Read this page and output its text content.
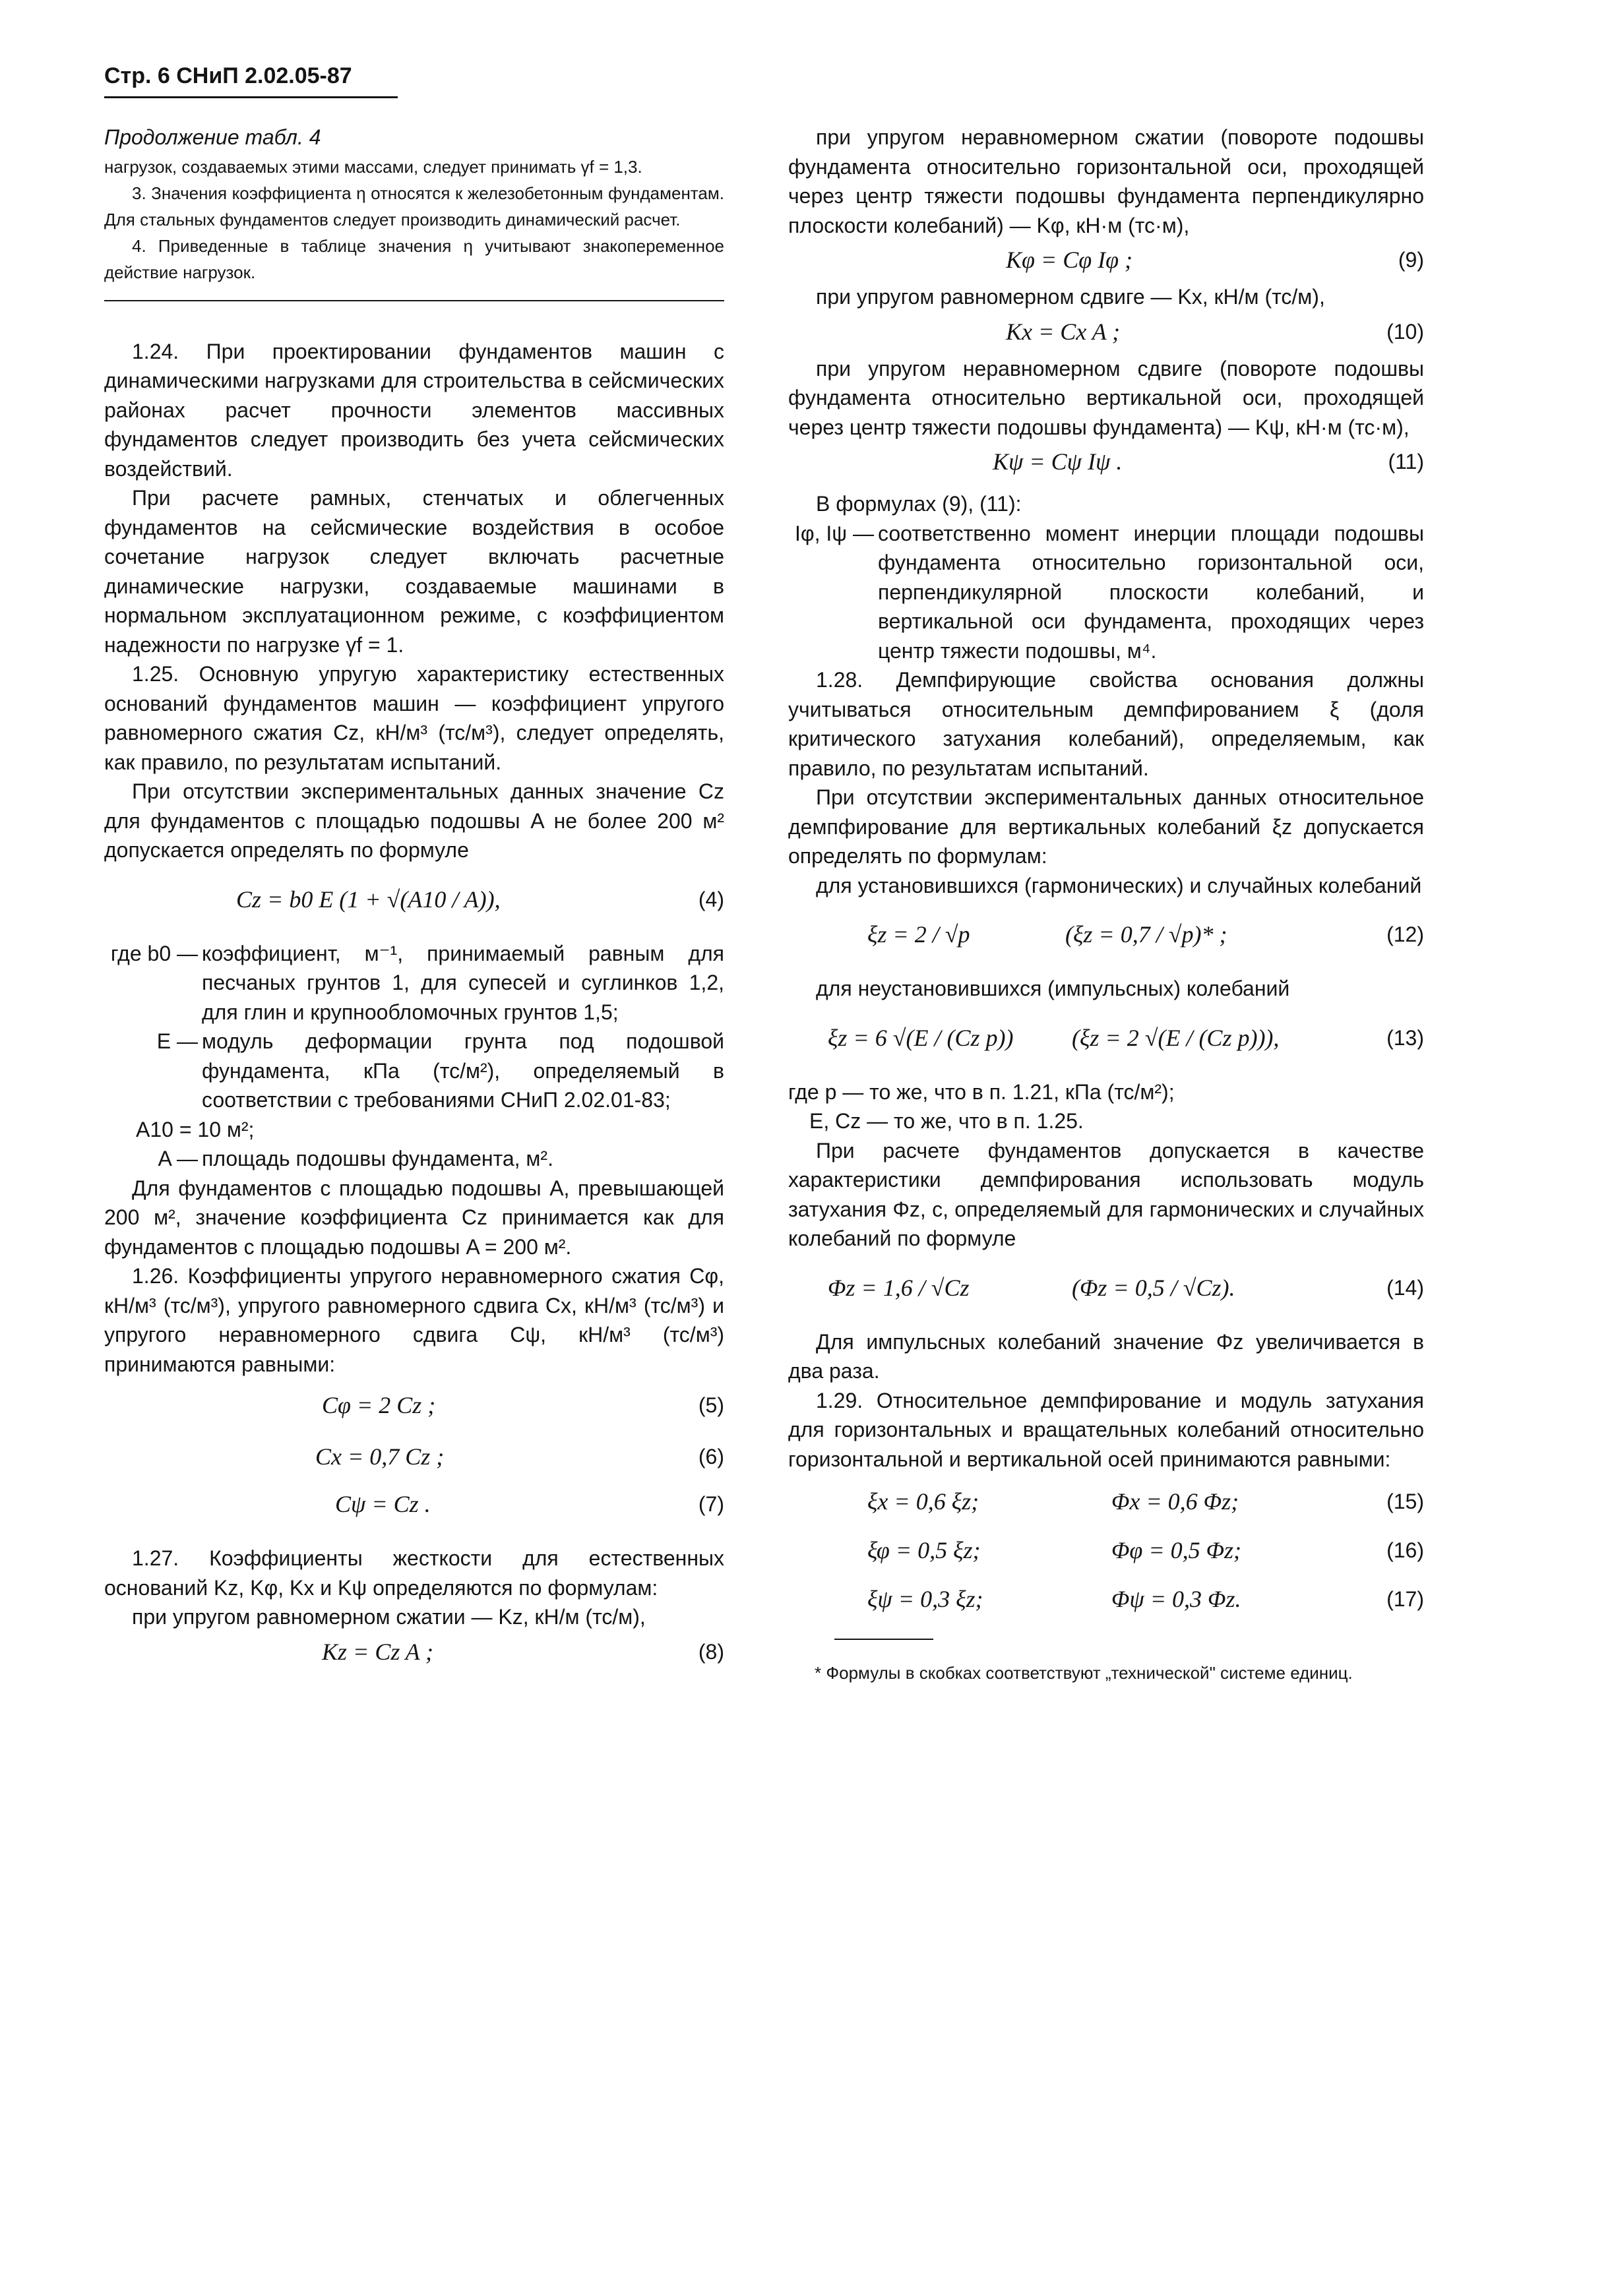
Стр. 6 СНиП 2.02.05-87

Продолжение табл. 4

нагрузок, создаваемых этими массами, следует принимать γf = 1,3.

3. Значения коэффициента η относятся к железобетонным фундаментам. Для стальных фундаментов следует производить динамический расчет.

4. Приведенные в таблице значения η учитывают знакопеременное действие нагрузок.

1.24. При проектировании фундаментов машин с динамическими нагрузками для строительства в сейсмических районах расчет прочности элементов массивных фундаментов следует производить без учета сейсмических воздействий.

При расчете рамных, стенчатых и облегченных фундаментов на сейсмические воздействия в особое сочетание нагрузок следует включать расчетные динамические нагрузки, создаваемые машинами в нормальном эксплуатационном режиме, с коэффициентом надежности по нагрузке γf = 1.

1.25. Основную упругую характеристику естественных оснований фундаментов машин — коэффициент упругого равномерного сжатия Cz, кН/м³ (тс/м³), следует определять, как правило, по результатам испытаний.

При отсутствии экспериментальных данных значение Cz для фундаментов с площадью подошвы A не более 200 м² допускается определять по формуле

Cz = b0 E (1 + √(A10 / A)),	(4)
где b0 — коэффициент, м⁻¹, принимаемый равным для песчаных грунтов 1, для супесей и суглинков 1,2, для глин и крупнообломочных грунтов 1,5;
E — модуль деформации грунта под подошвой фундамента, кПа (тс/м²), определяемый в соответствии с требованиями СНиП 2.02.01-83;

A10 = 10 м²;

A — площадь подошвы фундамента, м².

Для фундаментов с площадью подошвы A, превышающей 200 м², значение коэффициента Cz принимается как для фундаментов с площадью подошвы A = 200 м².

1.26. Коэффициенты упругого неравномерного сжатия Cφ, кН/м³ (тс/м³), упругого равномерного сдвига Cx, кН/м³ (тс/м³) и упругого неравномерного сдвига Cψ, кН/м³ (тс/м³) принимаются равными:

Cφ = 2 Cz ;	(5)
Cx = 0,7 Cz ;	(6)
Cψ = Cz .	(7)

1.27. Коэффициенты жесткости для естественных оснований Kz, Kφ, Kx и Kψ определяются по формулам:

при упругом равномерном сжатии — Kz, кН/м (тс/м),

Kz = Cz A ;	(8)

при упругом неравномерном сжатии (повороте подошвы фундамента относительно горизонтальной оси, проходящей через центр тяжести подошвы фундамента перпендикулярно плоскости колебаний) — Kφ, кН·м (тс·м),

Kφ = Cφ Iφ ;	(9)

при упругом равномерном сдвиге — Kx, кН/м (тс/м),

Kx = Cx A ;	(10)

при упругом неравномерном сдвиге (повороте подошвы фундамента относительно вертикальной оси, проходящей через центр тяжести подошвы фундамента) — Kψ, кН·м (тс·м),

Kψ = Cψ Iψ .	(11)

В формулах (9), (11):

Iφ, Iψ — соответственно момент инерции площади подошвы фундамента относительно горизонтальной оси, перпендикулярной плоскости колебаний, и вертикальной оси фундамента, проходящих через центр тяжести подошвы, м⁴.

1.28. Демпфирующие свойства основания должны учитываться относительным демпфированием ξ (доля критического затухания колебаний), определяемым, как правило, по результатам испытаний.

При отсутствии экспериментальных данных относительное демпфирование для вертикальных колебаний ξz допускается определять по формулам:

для установившихся (гармонических) и случайных колебаний

ξz = 2 / √p	(ξz = 0,7 / √p)* ;	(12)

для неустановившихся (импульсных) колебаний

ξz = 6 √(E / (Cz p)) (ξz = 2 √(E / (Cz p))),	(13)

где p — то же, что в п. 1.21, кПа (тс/м²);

E, Cz — то же, что в п. 1.25.

При расчете фундаментов допускается в качестве характеристики демпфирования использовать модуль затухания Φz, с, определяемый для гармонических и случайных колебаний по формуле

Φz = 1,6 / √Cz	(Φz = 0,5 / √Cz).	(14)

Для импульсных колебаний значение Φz увеличивается в два раза.

1.29. Относительное демпфирование и модуль затухания для горизонтальных и вращательных колебаний относительно горизонтальной и вертикальной осей принимаются равными:

ξx = 0,6 ξz;	Φx = 0,6 Φz;	(15)
ξφ = 0,5 ξz;	Φφ = 0,5 Φz;	(16)
ξψ = 0,3 ξz;	Φψ = 0,3 Φz.	(17)

* Формулы в скобках соответствуют „технической" системе единиц.
